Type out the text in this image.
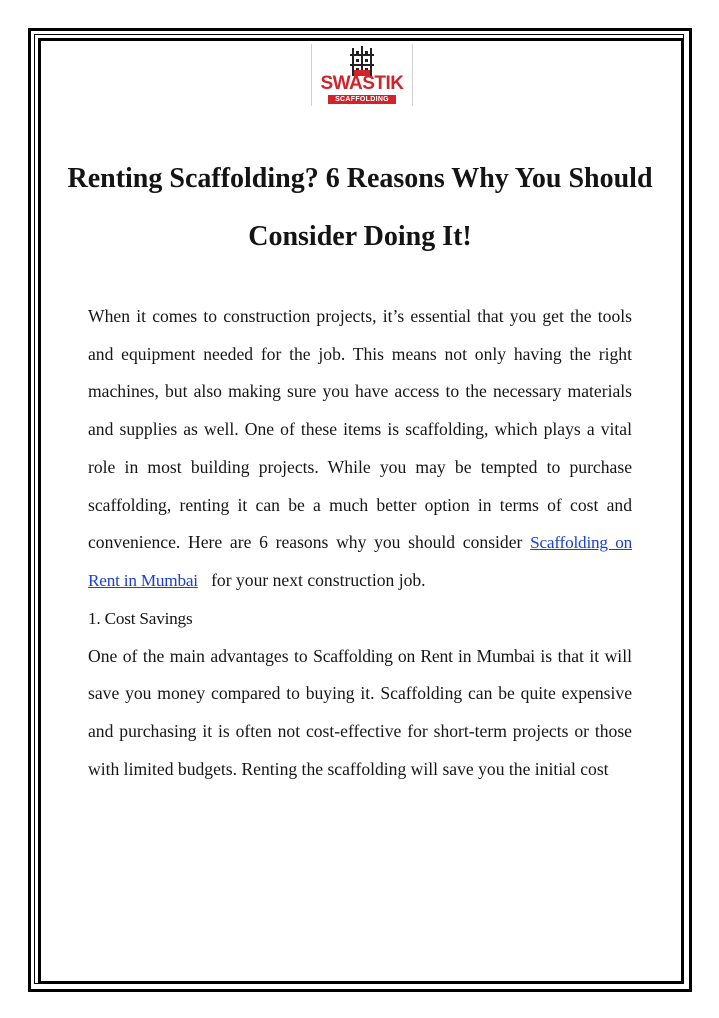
SWASTIK
SCAFFOLDING
Renting Scaffolding? 6 Reasons Why You Should Consider Doing It!

When it comes to construction projects, it’s essential that you get the tools and equipment needed for the job. This means not only having the right machines, but also making sure you have access to the necessary materials and supplies as well. One of these items is scaffolding, which plays a vital role in most building projects. While you may be tempted to purchase scaffolding, renting it can be a much better option in terms of cost and convenience. Here are 6 reasons why you should consider Scaffolding on Rent in Mumbai for your next construction job.

1. Cost Savings

One of the main advantages to Scaffolding on Rent in Mumbai is that it will save you money compared to buying it. Scaffolding can be quite expensive and purchasing it is often not cost-effective for short-term projects or those with limited budgets. Renting the scaffolding will save you the initial cost
